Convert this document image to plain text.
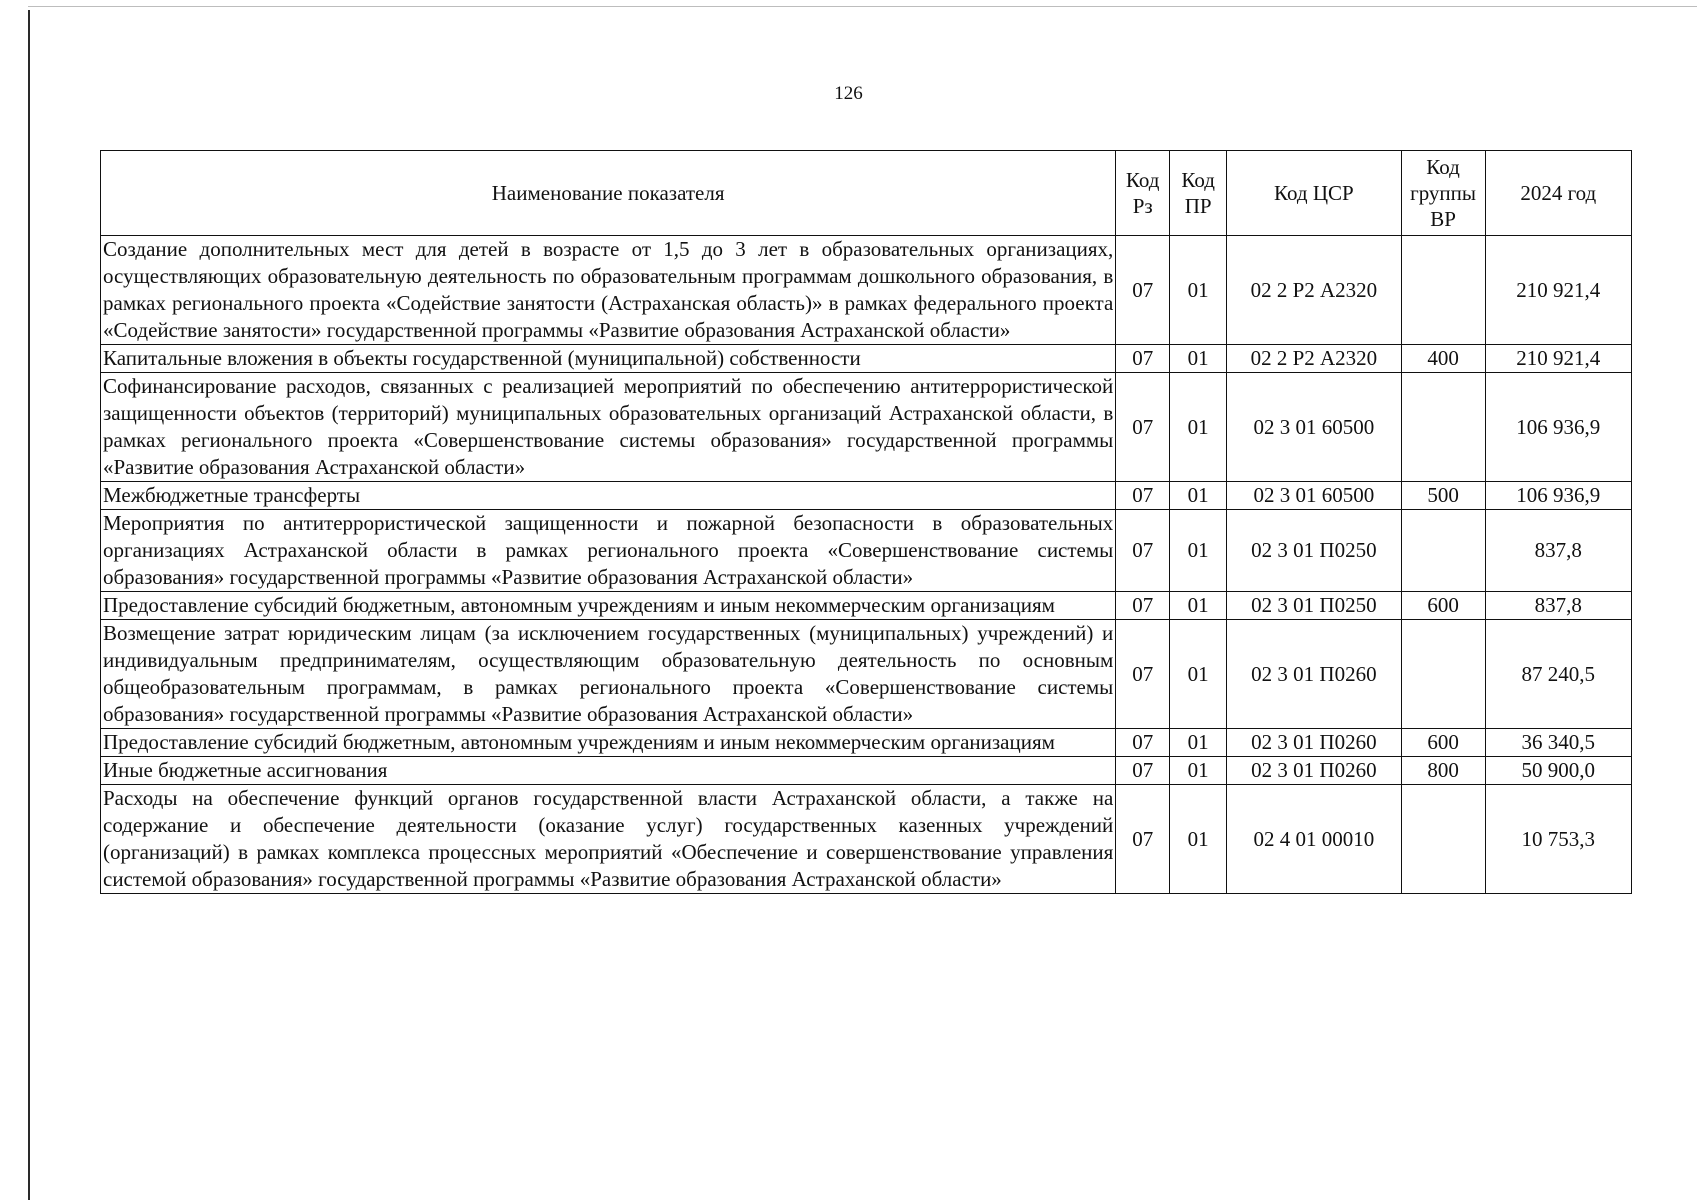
126
Наименование показателя	Код Рз	Код ПР	Код ЦСР	Код группы ВР	2024 год
Создание дополнительных мест для детей в возрасте от 1,5 до 3 лет в образовательных организациях, осуществляющих образовательную деятельность по образовательным программам дошкольного образования, в рамках регионального проекта «Содействие занятости (Астраханская область)» в рамках федерального проекта «Содействие занятости» государственной программы «Развитие образования Астраханской области»	07	01	02 2 Р2 А2320		210 921,4
Капитальные вложения в объекты государственной (муниципальной) собственности	07	01	02 2 Р2 А2320	400	210 921,4
Софинансирование расходов, связанных с реализацией мероприятий по обеспечению антитеррористической защищенности объектов (территорий) муниципальных образовательных организаций Астраханской области, в рамках регионального проекта «Совершенствование системы образования» государственной программы «Развитие образования Астраханской области»	07	01	02 3 01 60500		106 936,9
Межбюджетные трансферты	07	01	02 3 01 60500	500	106 936,9
Мероприятия по антитеррористической защищенности и пожарной безопасности в образовательных организациях Астраханской области в рамках регионального проекта «Совершенствование системы образования» государственной программы «Развитие образования Астраханской области»	07	01	02 3 01 П0250		837,8
Предоставление субсидий бюджетным, автономным учреждениям и иным некоммерческим организациям	07	01	02 3 01 П0250	600	837,8
Возмещение затрат юридическим лицам (за исключением государственных (муниципальных) учреждений) и индивидуальным предпринимателям, осуществляющим образовательную деятельность по основным общеобразовательным программам, в рамках регионального проекта «Совершенствование системы образования» государственной программы «Развитие образования Астраханской области»	07	01	02 3 01 П0260		87 240,5
Предоставление субсидий бюджетным, автономным учреждениям и иным некоммерческим организациям	07	01	02 3 01 П0260	600	36 340,5
Иные бюджетные ассигнования	07	01	02 3 01 П0260	800	50 900,0
Расходы на обеспечение функций органов государственной власти Астраханской области, а также на содержание и обеспечение деятельности (оказание услуг) государственных казенных учреждений (организаций) в рамках комплекса процессных мероприятий «Обеспечение и совершенствование управления системой образования» государственной программы «Развитие образования Астраханской области»	07	01	02 4 01 00010		10 753,3
